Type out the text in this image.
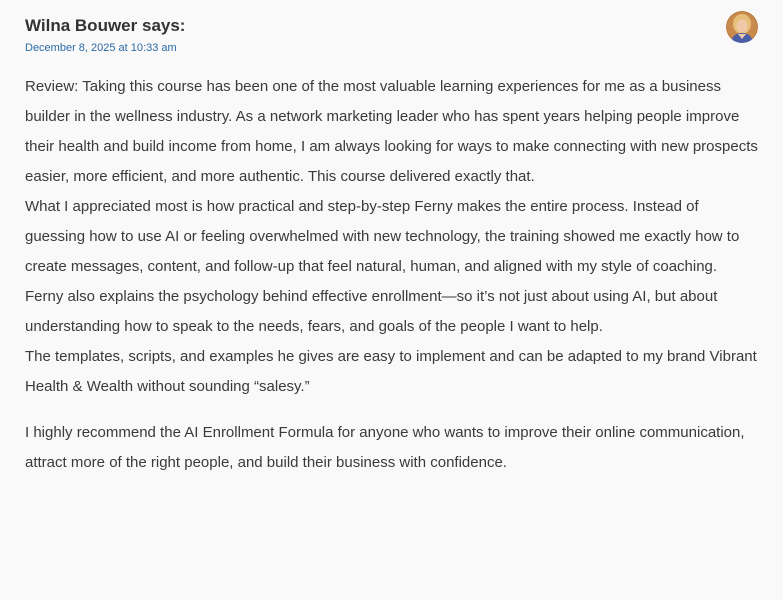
Wilna Bouwer says:
December 8, 2025 at 10:33 am

Review: Taking this course has been one of the most valuable learning experiences for me as a business builder in the wellness industry. As a network marketing leader who has spent years helping people improve their health and build income from home, I am always looking for ways to make connecting with new prospects easier, more efficient, and more authentic. This course delivered exactly that.

What I appreciated most is how practical and step-by-step Ferny makes the entire process. Instead of guessing how to use AI or feeling overwhelmed with new technology, the training showed me exactly how to create messages, content, and follow-up that feel natural, human, and aligned with my style of coaching.

Ferny also explains the psychology behind effective enrollment—so it’s not just about using AI, but about understanding how to speak to the needs, fears, and goals of the people I want to help.

The templates, scripts, and examples he gives are easy to implement and can be adapted to my brand Vibrant Health & Wealth without sounding “salesy.”

I highly recommend the AI Enrollment Formula for anyone who wants to improve their online communication, attract more of the right people, and build their business with confidence.
